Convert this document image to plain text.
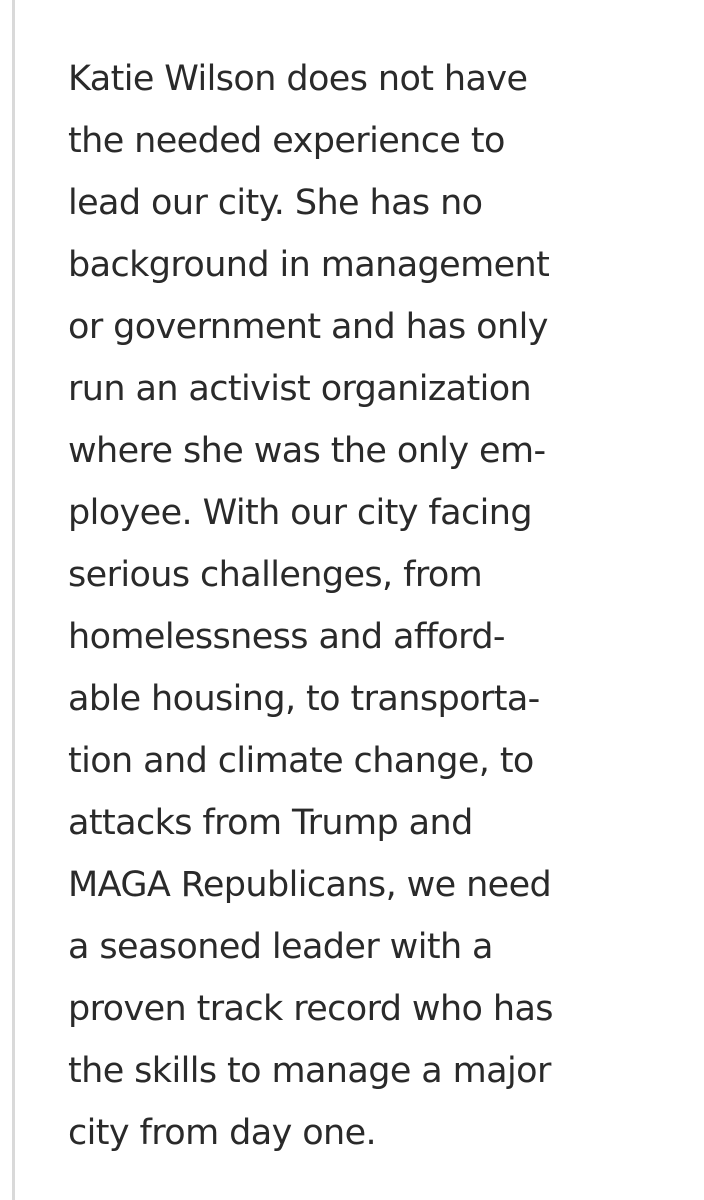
Katie Wilson does not have
the needed experience to
lead our city. She has no
background in management
or government and has only
run an activist organization
where she was the only em-
ployee. With our city facing
serious challenges, from
homelessness and afford-
able housing, to transporta-
tion and climate change, to
attacks from Trump and
MAGA Republicans, we need
a seasoned leader with a
proven track record who has
the skills to manage a major
city from day one.
